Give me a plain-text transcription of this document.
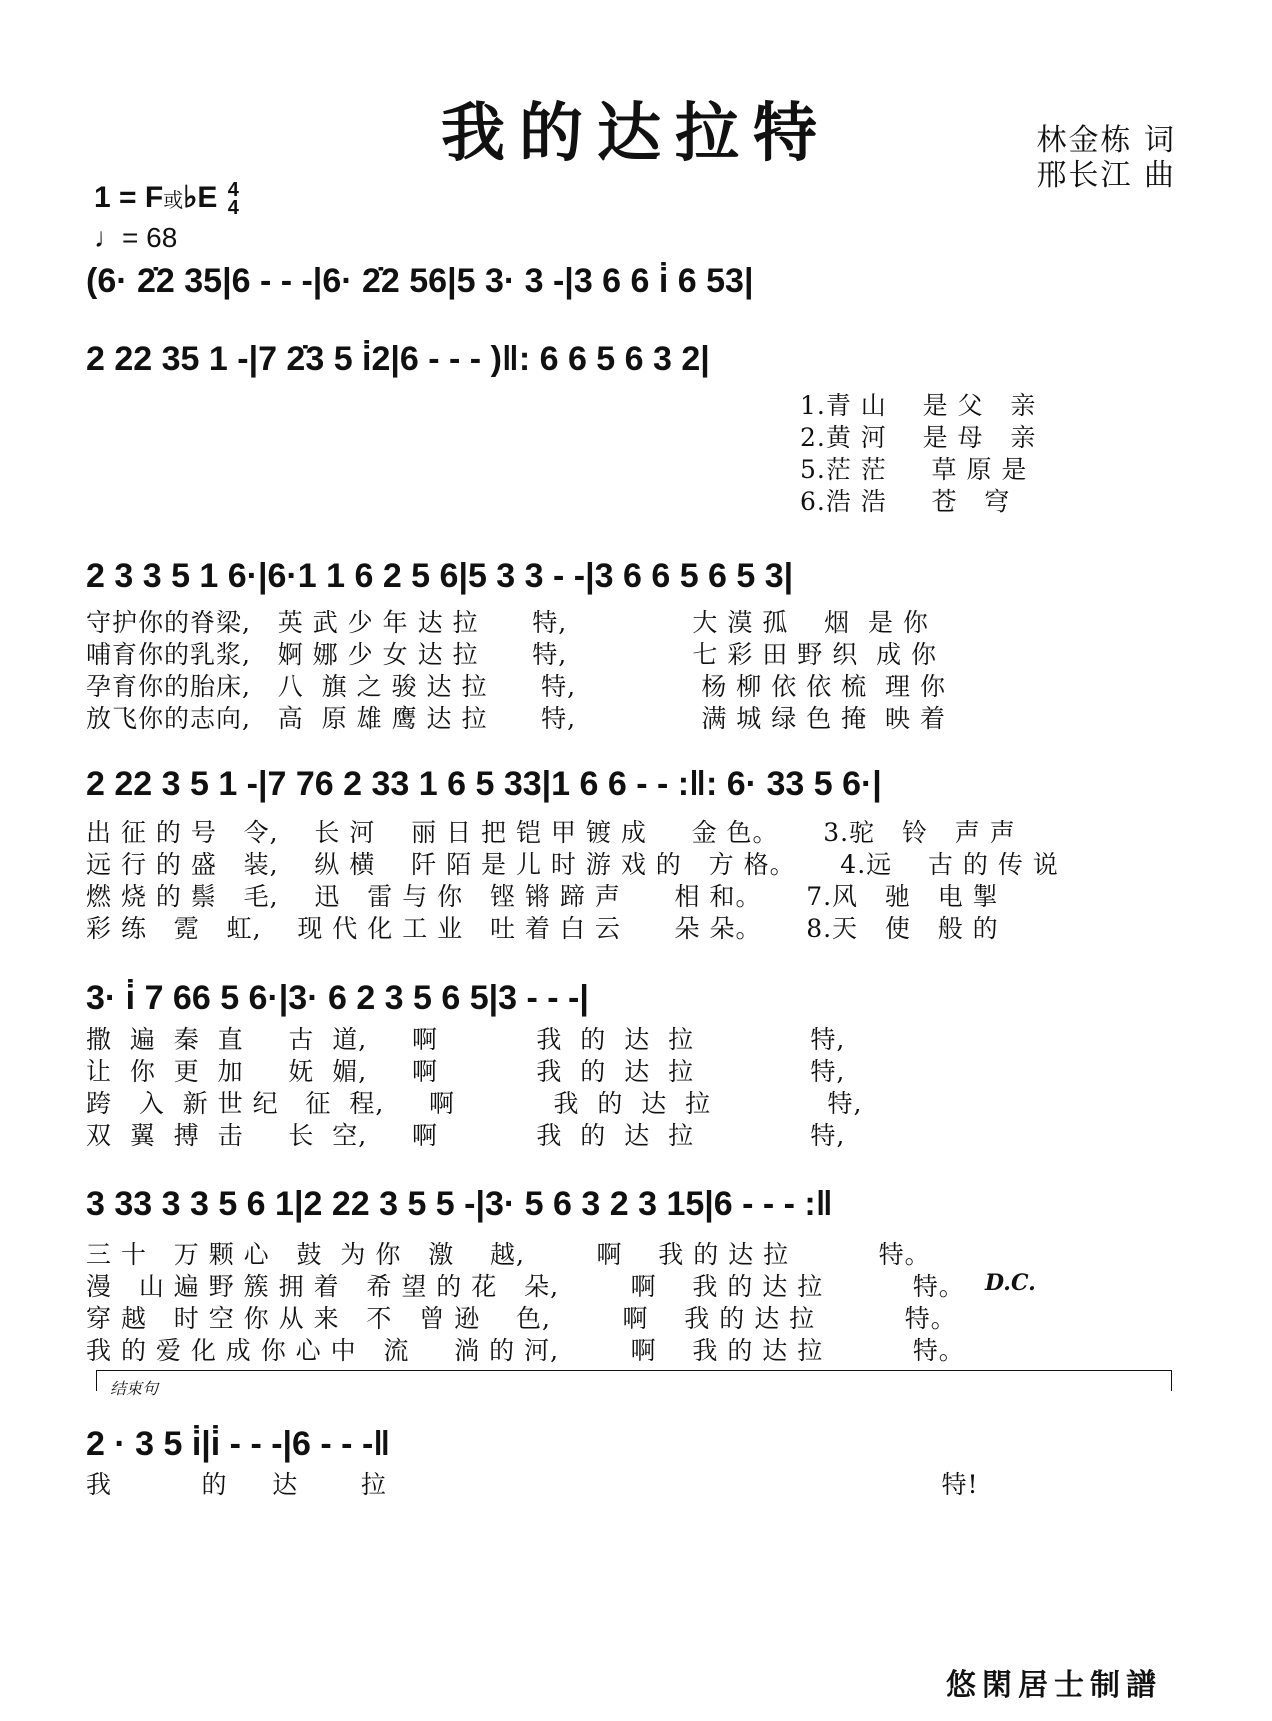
我的达拉特	林金栋 词
邢长江 曲
1 = F或♭E 4
4
♩= 68
(6· 2̇2 35|6 - - -|6· 2̇2 56|5 3· 3 -|3 6 6 i̇ 6 53|
2 22 35 1 -|7 2̇3 5 i̇2|6 - - - )‖: 6 6 5 6 3 2|
1.青 山    是 父   亲
2.黄 河    是 母   亲
5.茫 茫     草 原 是
6.浩 浩     苍   穹
2 3 3 5 1 6·|6·1 1 6 2 5 6|5 3 3 - -|3 6 6 5 6 5 3|
守护你的脊梁,   英 武 少 年 达 拉      特,              大 漠 孤    烟  是 你
哺育你的乳浆,   婀 娜 少 女 达 拉      特,              七 彩 田 野 织  成 你
孕育你的胎床,   八  旗 之 骏 达 拉      特,              杨 柳 依 依 梳  理 你
放飞你的志向,   高  原 雄 鹰 达 拉      特,              满 城 绿 色 掩  映 着
2 22 3 5 1 -|7 76 2 33 1 6 5 33|1 6 6 - - :‖: 6· 33 5 6·|
出 征 的 号   令,    长 河    丽 日 把 铠 甲 镀 成     金 色。     3.驼   铃   声 声
远 行 的 盛   装,    纵 横    阡 陌 是 儿 时 游 戏 的   方 格。     4.远    古 的 传 说
燃 烧 的 鬃   毛,    迅   雷 与 你   铿 锵 蹄 声      相 和。     7.风   驰   电 掣
彩 练   霓   虹,    现 代 化 工 业   吐 着 白 云      朵 朵。     8.天   使   般 的
3· i̇ 7 66 5 6·|3· 6 2 3 5 6 5|3 - - -|
撒  遍  秦  直     古  道,     啊           我  的  达  拉             特,
让  你  更  加     妩  媚,     啊           我  的  达  拉             特,
跨   入  新 世 纪   征  程,     啊           我  的  达  拉             特,
双  翼  搏  击     长  空,     啊           我  的  达  拉             特,
3 33 3 3 5 6 1|2 22 3 5 5 -|3· 5 6 3 2 3 15|6 - - - :‖
三 十   万 颗 心   鼓  为 你   激    越,        啊    我 的 达 拉          特。
漫   山 遍 野 簇 拥 着   希 望 的 花   朵,        啊    我 的 达 拉          特。
穿 越   时 空 你 从 来   不   曾 逊    色,        啊    我 的 达 拉          特。
我 的 爱 化 成 你 心 中   流     淌 的 河,        啊    我 的 达 拉          特。
D.C.
结束句
2 · 3 5 i̇|i̇ - - -|6 - - -‖
我          的     达       拉                                                              特!
悠閑居士制譜
